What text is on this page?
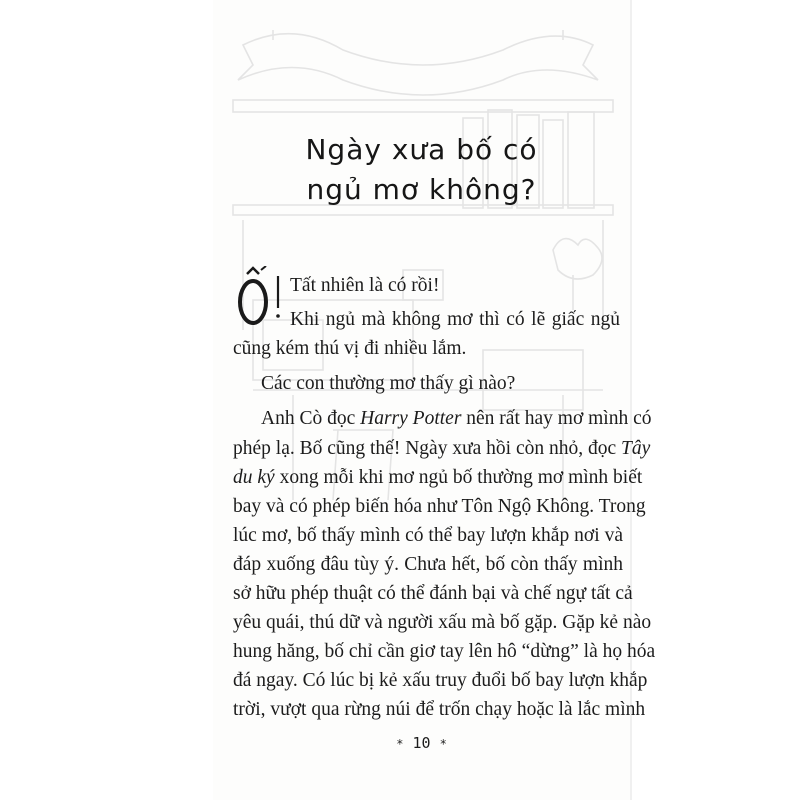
Ngày xưa bố có
ngủ mơ không?
Tất nhiên là có rồi!
Khi ngủ mà không mơ thì có lẽ giấc ngủ
cũng kém thú vị đi nhiều lắm.
Các con thường mơ thấy gì nào?
Anh Cò đọc Harry Potter nên rất hay mơ mình có
phép lạ. Bố cũng thế! Ngày xưa hồi còn nhỏ, đọc Tây
du ký xong mỗi khi mơ ngủ bố thường mơ mình biết
bay và có phép biến hóa như Tôn Ngộ Không. Trong
lúc mơ, bố thấy mình có thể bay lượn khắp nơi và
đáp xuống đâu tùy ý. Chưa hết, bố còn thấy mình
sở hữu phép thuật có thể đánh bại và chế ngự tất cả
yêu quái, thú dữ và người xấu mà bố gặp. Gặp kẻ nào
hung hăng, bố chỉ cần giơ tay lên hô “dừng” là họ hóa
đá ngay. Có lúc bị kẻ xấu truy đuổi bố bay lượn khắp
trời, vượt qua rừng núi để trốn chạy hoặc là lắc mình
* 10 *
